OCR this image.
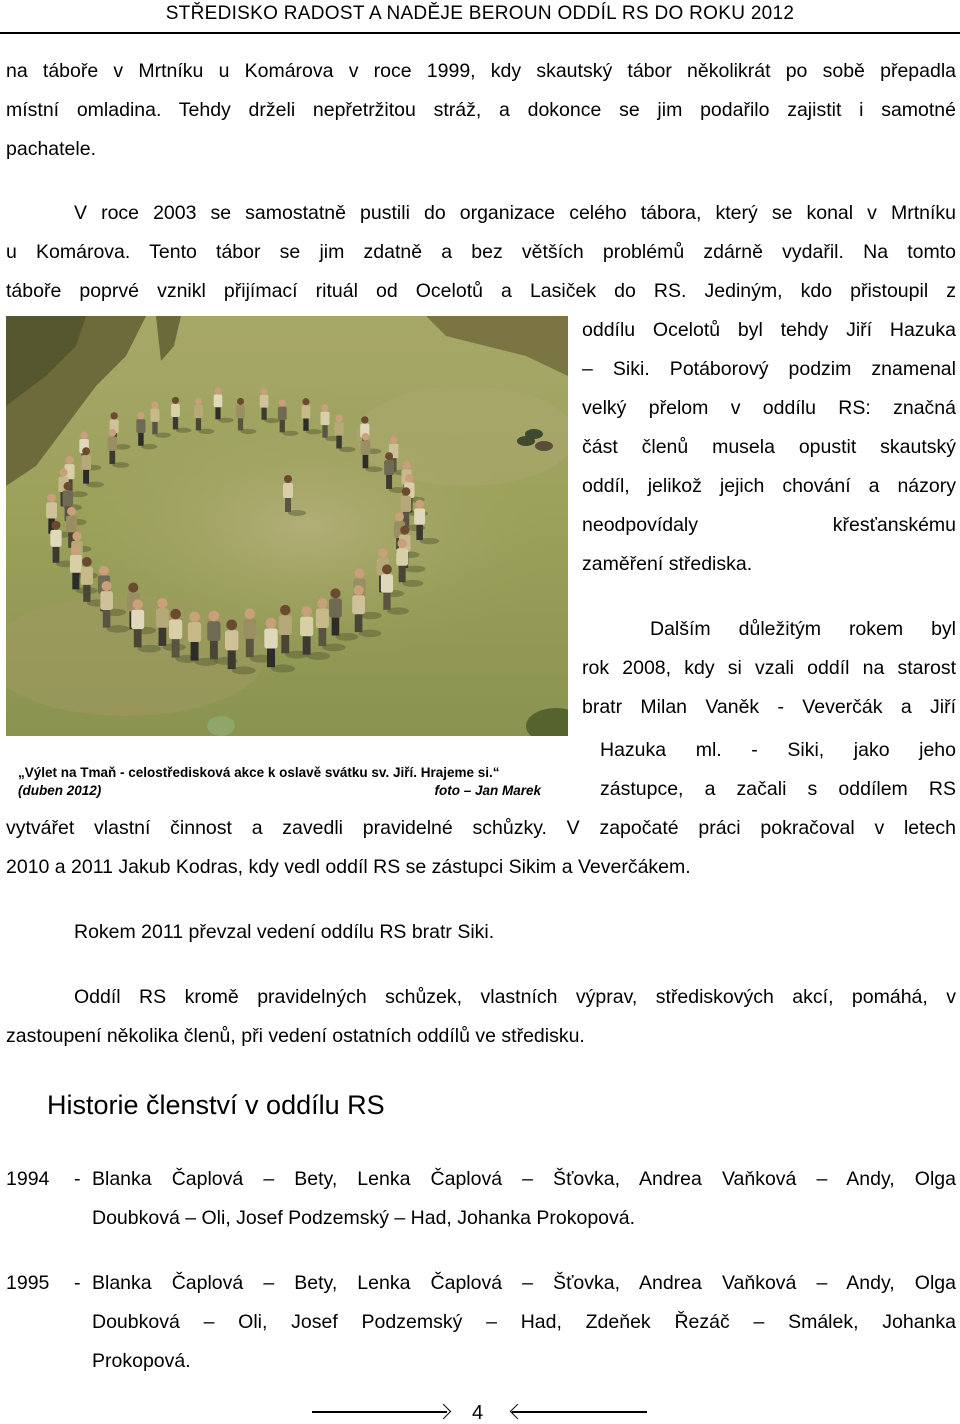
STŘEDISKO RADOST A NADĚJE BEROUN ODDÍL RS DO ROKU 2012
na táboře v Mrtníku u Komárova v roce 1999, kdy skautský tábor několikrát po sobě přepadla
místní omladina. Tehdy drželi nepřetržitou stráž, a dokonce se jim podařilo zajistit i samotné
pachatele.
V roce 2003 se samostatně pustili do organizace celého tábora, který se konal v Mrtníku
u Komárova. Tento tábor se jim zdatně a bez větších problémů zdárně vydařil. Na tomto
táboře poprvé vznikl přijímací rituál od Ocelotů a Lasiček do RS. Jediným, kdo přistoupil z
oddílu Ocelotů byl tehdy Jiří Hazuka
– Siki. Potáborový podzim znamenal
velký přelom v oddílu RS: značná
část členů musela opustit skautský
oddíl, jelikož jejich chování a názory
neodpovídaly křesťanskému
zaměření střediska.
Dalším důležitým rokem byl
rok 2008, kdy si vzali oddíl na starost
bratr Milan Vaněk - Veverčák a Jiří
Hazuka ml. - Siki, jako jeho
zástupce, a začali s oddílem RS
vytvářet vlastní činnost a zavedli pravidelné schůzky. V započaté práci pokračoval v letech
2010 a 2011 Jakub Kodras, kdy vedl oddíl RS se zástupci Sikim a Veverčákem.
Rokem 2011 převzal vedení oddílu RS bratr Siki.
Oddíl RS kromě pravidelných schůzek, vlastních výprav, střediskových akcí, pomáhá, v
zastoupení několika členů, při vedení ostatních oddílů ve středisku.
„Výlet na Tmaň - celostředisková akce k oslavě svátku sv. Jiří. Hrajeme si.“
(duben 2012)	foto – Jan Marek
Historie členství v oddílu RS
1994 - Blanka Čaplová – Bety, Lenka Čaplová – Šťovka, Andrea Vaňková – Andy, Olga
Doubková – Oli, Josef Podzemský – Had, Johanka Prokopová.
1995 - Blanka Čaplová – Bety, Lenka Čaplová – Šťovka, Andrea Vaňková – Andy, Olga
Doubková – Oli, Josef Podzemský – Had, Zdeňek Řezáč – Smálek, Johanka
Prokopová.
4
